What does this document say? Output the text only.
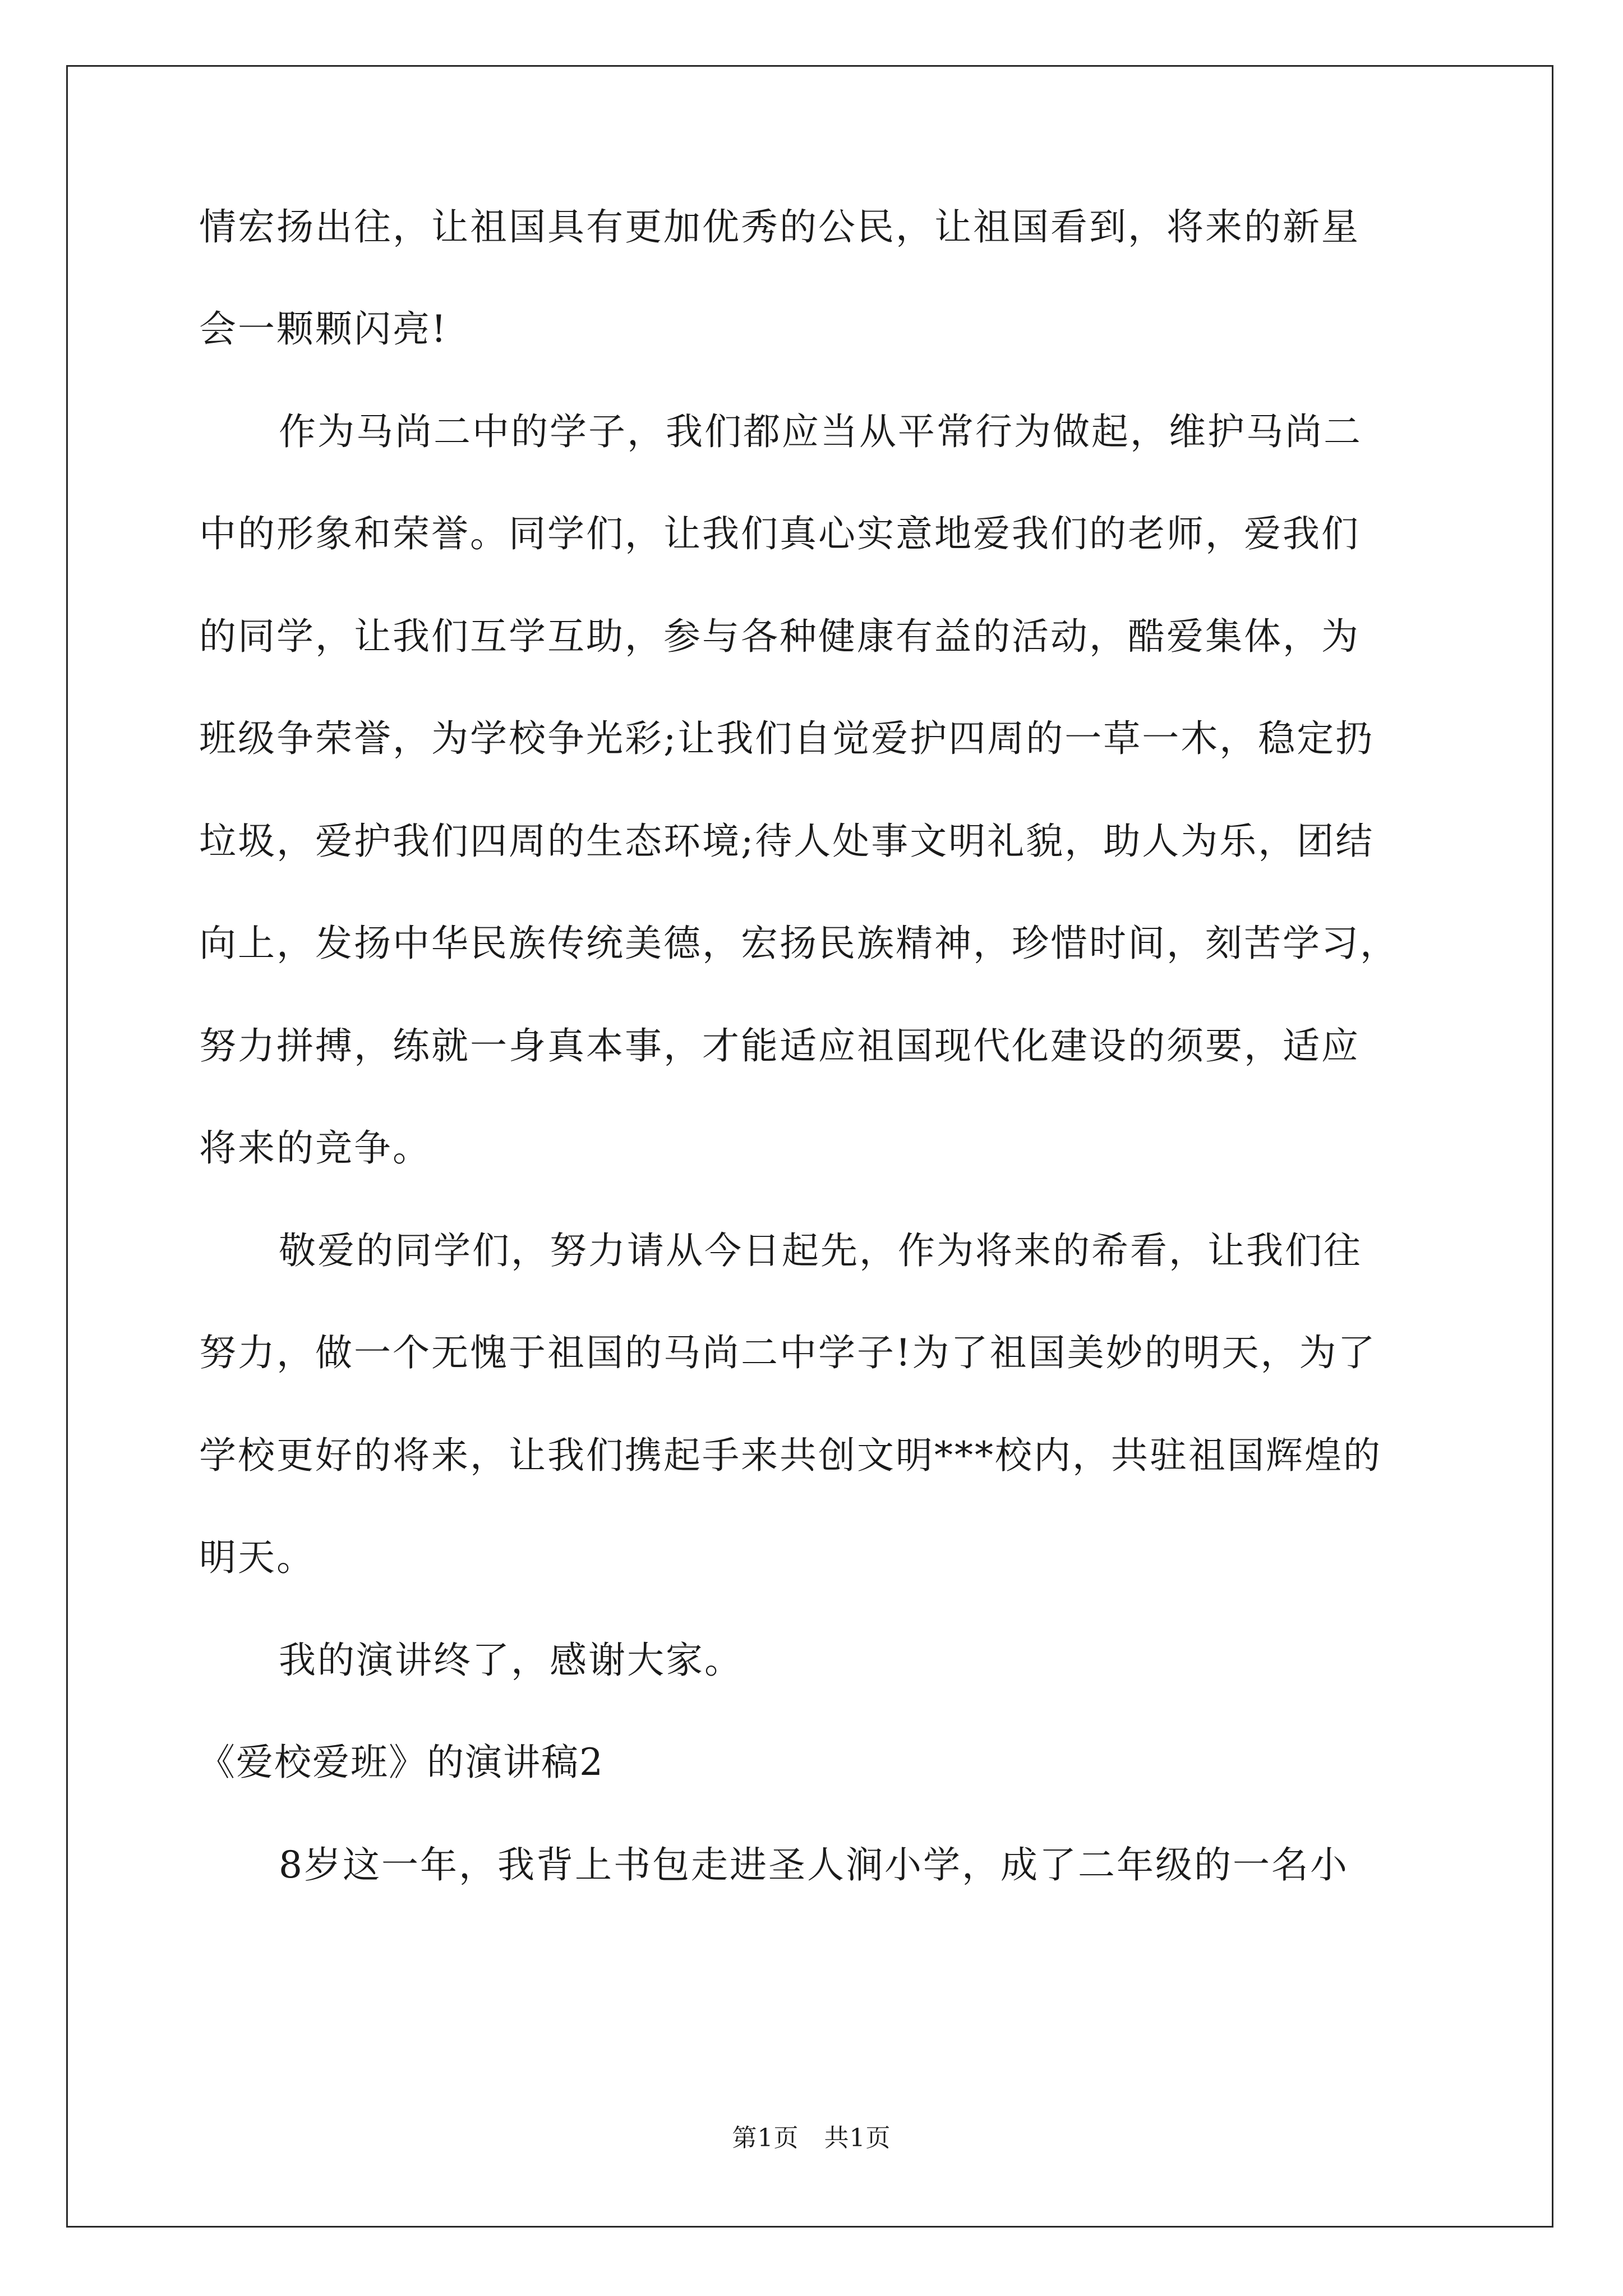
情宏扬出往，让祖国具有更加优秀的公民，让祖国看到，将来的新星
会一颗颗闪亮!
作为马尚二中的学子，我们都应当从平常行为做起，维护马尚二
中的形象和荣誉。同学们，让我们真心实意地爱我们的老师，爱我们
的同学，让我们互学互助，参与各种健康有益的活动，酷爱集体，为
班级争荣誉，为学校争光彩;让我们自觉爱护四周的一草一木，稳定扔
垃圾，爱护我们四周的生态环境;待人处事文明礼貌，助人为乐，团结
向上，发扬中华民族传统美德，宏扬民族精神，珍惜时间，刻苦学习，
努力拼搏，练就一身真本事，才能适应祖国现代化建设的须要，适应
将来的竞争。
敬爱的同学们，努力请从今日起先，作为将来的希看，让我们往
努力，做一个无愧于祖国的马尚二中学子!为了祖国美妙的明天，为了
学校更好的将来，让我们携起手来共创文明***校内，共驻祖国辉煌的
明天。
我的演讲终了，感谢大家。
《爱校爱班》的演讲稿2
8岁这一年，我背上书包走进圣人涧小学，成了二年级的一名小
第1页　共1页
